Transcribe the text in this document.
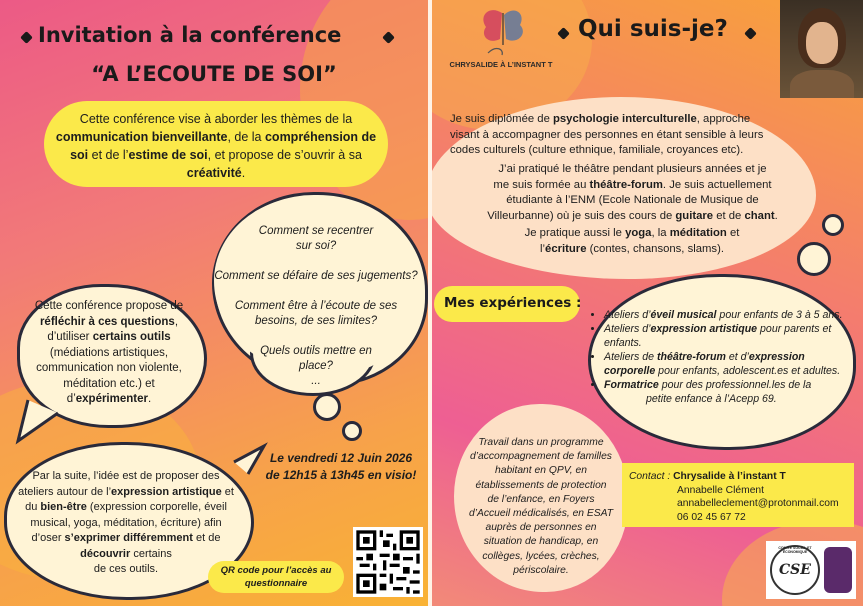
Invitation à la conférence
“A L’ECOUTE DE SOI”
Cette conférence vise à aborder les thèmes de la
communication bienveillante, de la compréhension de
soi et de l’estime de soi, et propose de s’ouvrir à sa
créativité.
Comment se recentrer
sur soi?

Comment se défaire de ses jugements?

Comment être à l’écoute de ses
besoins, de ses limites?

Quels outils mettre en
place?
...
Cette conférence propose de
réfléchir à ces questions,
d’utiliser certains outils
(médiations artistiques,
communication non violente,
méditation etc.) et
d’expérimenter.
Par la suite, l’idée est de proposer des
ateliers autour de l’expression artistique et
du bien-être (expression corporelle, éveil
musical, yoga, méditation, écriture) afin
d’oser s’exprimer différemment et de
découvrir certains
de ces outils.
Le vendredi 12 Juin 2026
de 12h15 à 13h45 en visio!
QR code pour l’accès au
questionnaire
CHRYSALIDE À L’INSTANT T
Qui suis-je?
Je suis diplômée de psychologie interculturelle, approche
visant à accompagner des personnes en étant sensible à leurs
codes culturels (culture ethnique, familiale, croyances etc).
J’ai pratiqué le théâtre pendant plusieurs années et je
me suis formée au théâtre-forum. Je suis actuellement
étudiante à l’ENM (Ecole Nationale de Musique de
Villeurbanne) où je suis des cours de guitare et de chant.
Je pratique aussi le yoga, la méditation et
l’écriture (contes, chansons, slams).
Mes expériences :
• Ateliers d’éveil musical pour enfants de 3 à 5 ans.
• Ateliers d’expression artistique pour parents et
enfants.
• Ateliers de théâtre-forum et d’expression
corporelle pour enfants, adolescent.es et adultes.
• Formatrice pour des professionnel.les de la
petite enfance à l’Acepp 69.
Travail dans un programme
d’accompagnement de familles
habitant en QPV, en
établissements de protection
de l’enfance, en Foyers
d’Accueil médicalisés, en ESAT
auprès de personnes en
situation de handicap, en
collèges, lycées, crèches,
périscolaire.
Contact : Chrysalide à l’instant T
Annabelle Clément
annabelleclement@protonmail.com
06 02 45 67 72
CSE
COMITÉ SOCIAL ET ÉCONOMIQUE
